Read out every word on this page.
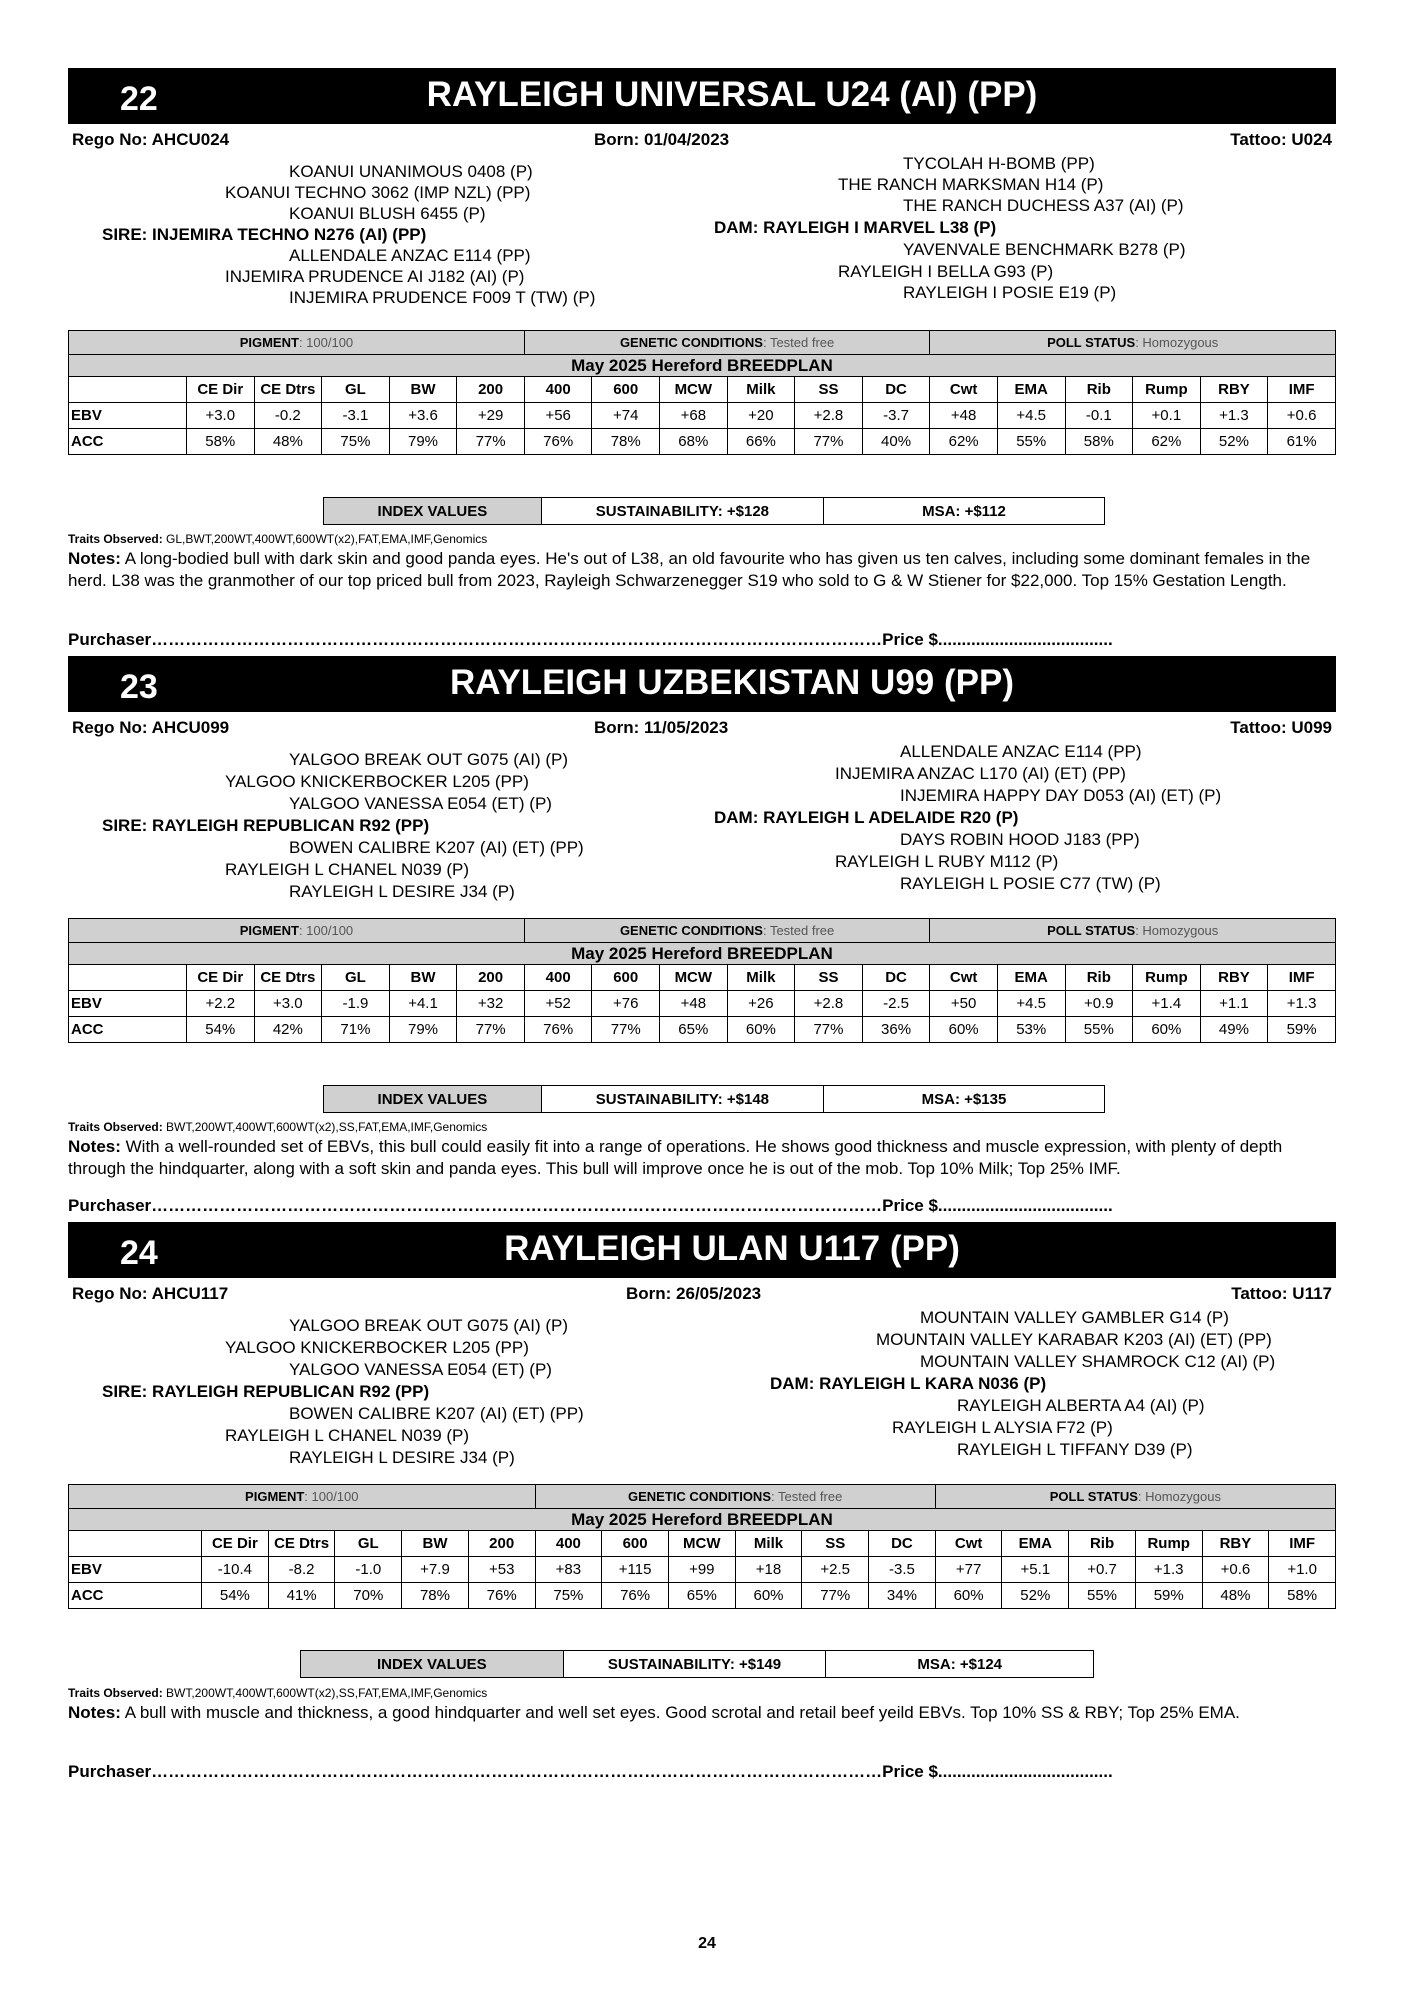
22	RAYLEIGH UNIVERSAL U24 (AI) (PP)
Rego No: AHCU024	Born: 01/04/2023	Tattoo: U024
KOANUI UNANIMOUS 0408 (P)
KOANUI TECHNO 3062 (IMP NZL) (PP)
KOANUI BLUSH 6455 (P)
SIRE: INJEMIRA TECHNO N276 (AI) (PP)
ALLENDALE ANZAC E114 (PP)
INJEMIRA PRUDENCE AI J182 (AI) (P)
INJEMIRA PRUDENCE F009 T (TW) (P)
TYCOLAH H-BOMB (PP)
THE RANCH MARKSMAN H14 (P)
THE RANCH DUCHESS A37 (AI) (P)
DAM: RAYLEIGH I MARVEL L38 (P)
YAVENVALE BENCHMARK B278 (P)
RAYLEIGH I BELLA G93 (P)
RAYLEIGH I POSIE E19 (P)
PIGMENT: 100/100						GENETIC CONDITIONS: Tested free						POLL STATUS: Homozygous					
May 2025 Hereford BREEDPLAN																	
	CE Dir	CE Dtrs	GL	BW	200	400	600	MCW	Milk	SS	DC	Cwt	EMA	Rib	Rump	RBY	IMF
EBV	+3.0	-0.2	-3.1	+3.6	+29	+56	+74	+68	+20	+2.8	-3.7	+48	+4.5	-0.1	+0.1	+1.3	+0.6
ACC	58%	48%	75%	79%	77%	76%	78%	68%	66%	77%	40%	62%	55%	58%	62%	52%	61%
INDEX VALUES	SUSTAINABILITY: +$128	MSA: +$112
Traits Observed: GL,BWT,200WT,400WT,600WT(x2),FAT,EMA,IMF,Genomics
Notes: A long-bodied bull with dark skin and good panda eyes. He's out of L38, an old favourite who has given us ten calves, including some dominant females in the herd. L38 was the granmother of our top priced bull from 2023, Rayleigh Schwarzenegger S19 who sold to G & W Stiener for $22,000. Top 15% Gestation Length.
Purchaser…………………………………………………………………………………………………………………Price $.....................................
23	RAYLEIGH UZBEKISTAN U99 (PP)
Rego No: AHCU099	Born: 11/05/2023	Tattoo: U099
YALGOO BREAK OUT G075 (AI) (P)
YALGOO KNICKERBOCKER L205 (PP)
YALGOO VANESSA E054 (ET) (P)
SIRE: RAYLEIGH REPUBLICAN R92 (PP)
BOWEN CALIBRE K207 (AI) (ET) (PP)
RAYLEIGH L CHANEL N039 (P)
RAYLEIGH L DESIRE J34 (P)
ALLENDALE ANZAC E114 (PP)
INJEMIRA ANZAC L170 (AI) (ET) (PP)
INJEMIRA HAPPY DAY D053 (AI) (ET) (P)
DAM: RAYLEIGH L ADELAIDE R20 (P)
DAYS ROBIN HOOD J183 (PP)
RAYLEIGH L RUBY M112 (P)
RAYLEIGH L POSIE C77 (TW) (P)
PIGMENT: 100/100						GENETIC CONDITIONS: Tested free						POLL STATUS: Homozygous					
May 2025 Hereford BREEDPLAN																	
	CE Dir	CE Dtrs	GL	BW	200	400	600	MCW	Milk	SS	DC	Cwt	EMA	Rib	Rump	RBY	IMF
EBV	+2.2	+3.0	-1.9	+4.1	+32	+52	+76	+48	+26	+2.8	-2.5	+50	+4.5	+0.9	+1.4	+1.1	+1.3
ACC	54%	42%	71%	79%	77%	76%	77%	65%	60%	77%	36%	60%	53%	55%	60%	49%	59%
INDEX VALUES	SUSTAINABILITY: +$148	MSA: +$135
Traits Observed: BWT,200WT,400WT,600WT(x2),SS,FAT,EMA,IMF,Genomics
Notes: With a well-rounded set of EBVs, this bull could easily fit into a range of operations. He shows good thickness and muscle expression, with plenty of depth through the hindquarter, along with a soft skin and panda eyes. This bull will improve once he is out of the mob. Top 10% Milk; Top 25% IMF.
Purchaser…………………………………………………………………………………………………………………Price $.....................................
24	RAYLEIGH ULAN U117 (PP)
Rego No: AHCU117	Born: 26/05/2023	Tattoo: U117
YALGOO BREAK OUT G075 (AI) (P)
YALGOO KNICKERBOCKER L205 (PP)
YALGOO VANESSA E054 (ET) (P)
SIRE: RAYLEIGH REPUBLICAN R92 (PP)
BOWEN CALIBRE K207 (AI) (ET) (PP)
RAYLEIGH L CHANEL N039 (P)
RAYLEIGH L DESIRE J34 (P)
MOUNTAIN VALLEY GAMBLER G14 (P)
MOUNTAIN VALLEY KARABAR K203 (AI) (ET) (PP)
MOUNTAIN VALLEY SHAMROCK C12 (AI) (P)
DAM: RAYLEIGH L KARA N036 (P)
RAYLEIGH ALBERTA A4 (AI) (P)
RAYLEIGH L ALYSIA F72 (P)
RAYLEIGH L TIFFANY D39 (P)
PIGMENT: 100/100						GENETIC CONDITIONS: Tested free						POLL STATUS: Homozygous					
May 2025 Hereford BREEDPLAN																	
	CE Dir	CE Dtrs	GL	BW	200	400	600	MCW	Milk	SS	DC	Cwt	EMA	Rib	Rump	RBY	IMF
EBV	-10.4	-8.2	-1.0	+7.9	+53	+83	+115	+99	+18	+2.5	-3.5	+77	+5.1	+0.7	+1.3	+0.6	+1.0
ACC	54%	41%	70%	78%	76%	75%	76%	65%	60%	77%	34%	60%	52%	55%	59%	48%	58%
INDEX VALUES	SUSTAINABILITY: +$149	MSA: +$124
Traits Observed: BWT,200WT,400WT,600WT(x2),SS,FAT,EMA,IMF,Genomics
Notes: A bull with muscle and thickness, a good hindquarter and well set eyes. Good scrotal and retail beef yeild EBVs. Top 10% SS & RBY; Top 25% EMA.
Purchaser…………………………………………………………………………………………………………………Price $.....................................
24
